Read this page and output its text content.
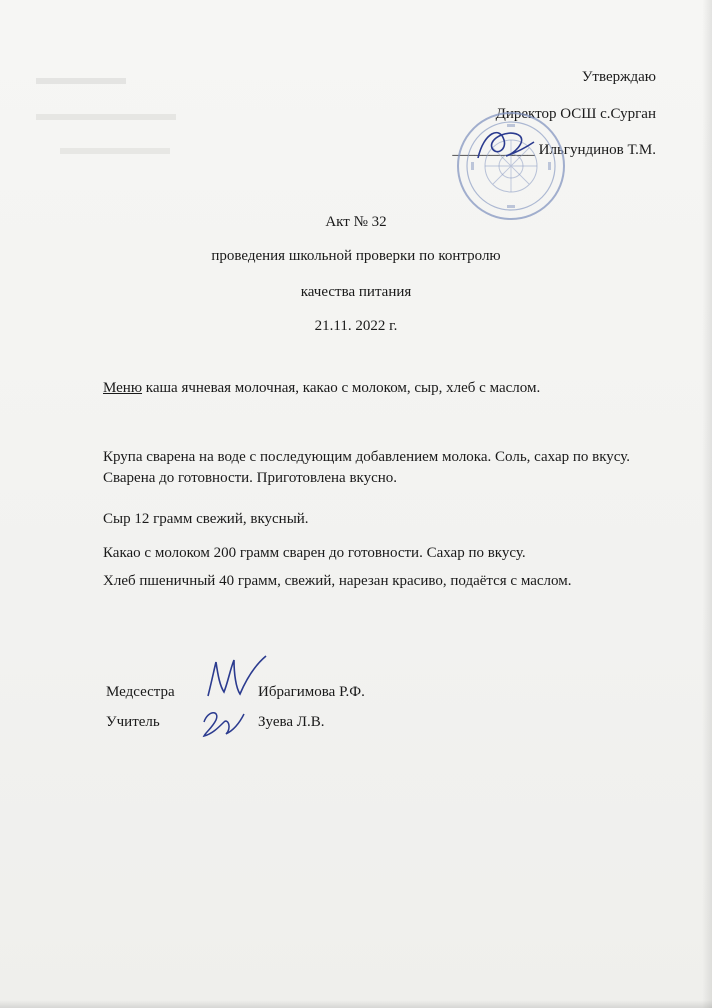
Утверждаю
Директор ОСШ с.Сурган
___________ Ильгундинов Т.М.
Акт № 32
проведения школьной проверки по контролю
качества питания
21.11. 2022 г.
Меню каша ячневая молочная, какао с молоком, сыр, хлеб с маслом.
Крупа сварена на воде с последующим добавлением молока. Соль, сахар по вкусу. Сварена до готовности. Приготовлена вкусно.
Сыр 12 грамм свежий, вкусный.
Какао с молоком 200 грамм сварен до готовности. Сахар по вкусу.
Хлеб пшеничный 40 грамм, свежий, нарезан красиво, подаётся с маслом.
Медсестра	Ибрагимова Р.Ф.
Учитель	Зуева Л.В.
